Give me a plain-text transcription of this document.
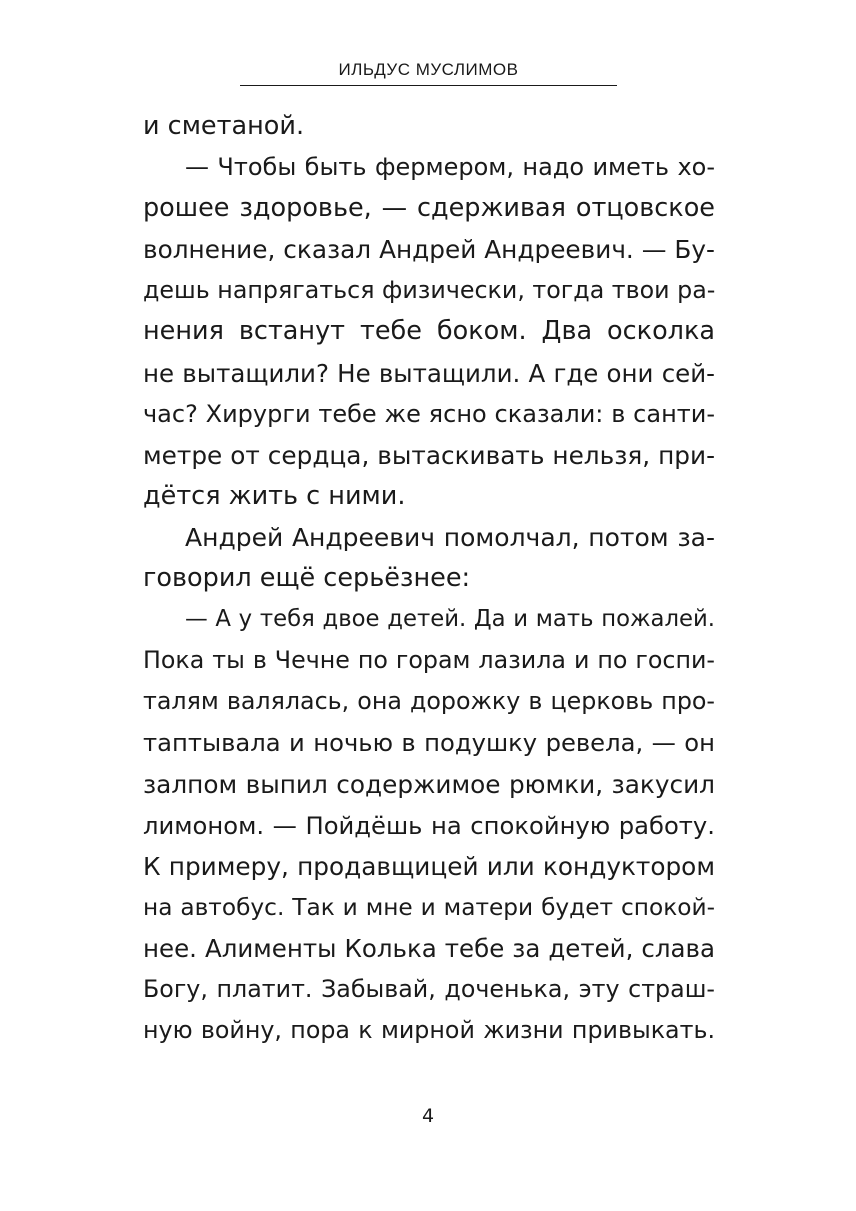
ИЛЬДУС МУСЛИМОВ
и сметаной.
— Чтобы быть фермером, надо иметь хо-
рошее здоровье, — сдерживая отцовское
волнение, сказал Андрей Андреевич. — Бу-
дешь напрягаться физически, тогда твои ра-
нения встанут тебе боком. Два осколка
не вытащили? Не вытащили. А где они сей-
час? Хирурги тебе же ясно сказали: в санти-
метре от сердца, вытаскивать нельзя, при-
дётся жить с ними.
Андрей Андреевич помолчал, потом за-
говорил ещё серьёзнее:
— А у тебя двое детей. Да и мать пожалей.
Пока ты в Чечне по горам лазила и по госпи-
талям валялась, она дорожку в церковь про-
таптывала и ночью в подушку ревела, — он
залпом выпил содержимое рюмки, закусил
лимоном. — Пойдёшь на спокойную работу.
К примеру, продавщицей или кондуктором
на автобус. Так и мне и матери будет спокой-
нее. Алименты Колька тебе за детей, слава
Богу, платит. Забывай, доченька, эту страш-
ную войну, пора к мирной жизни привыкать.
4
